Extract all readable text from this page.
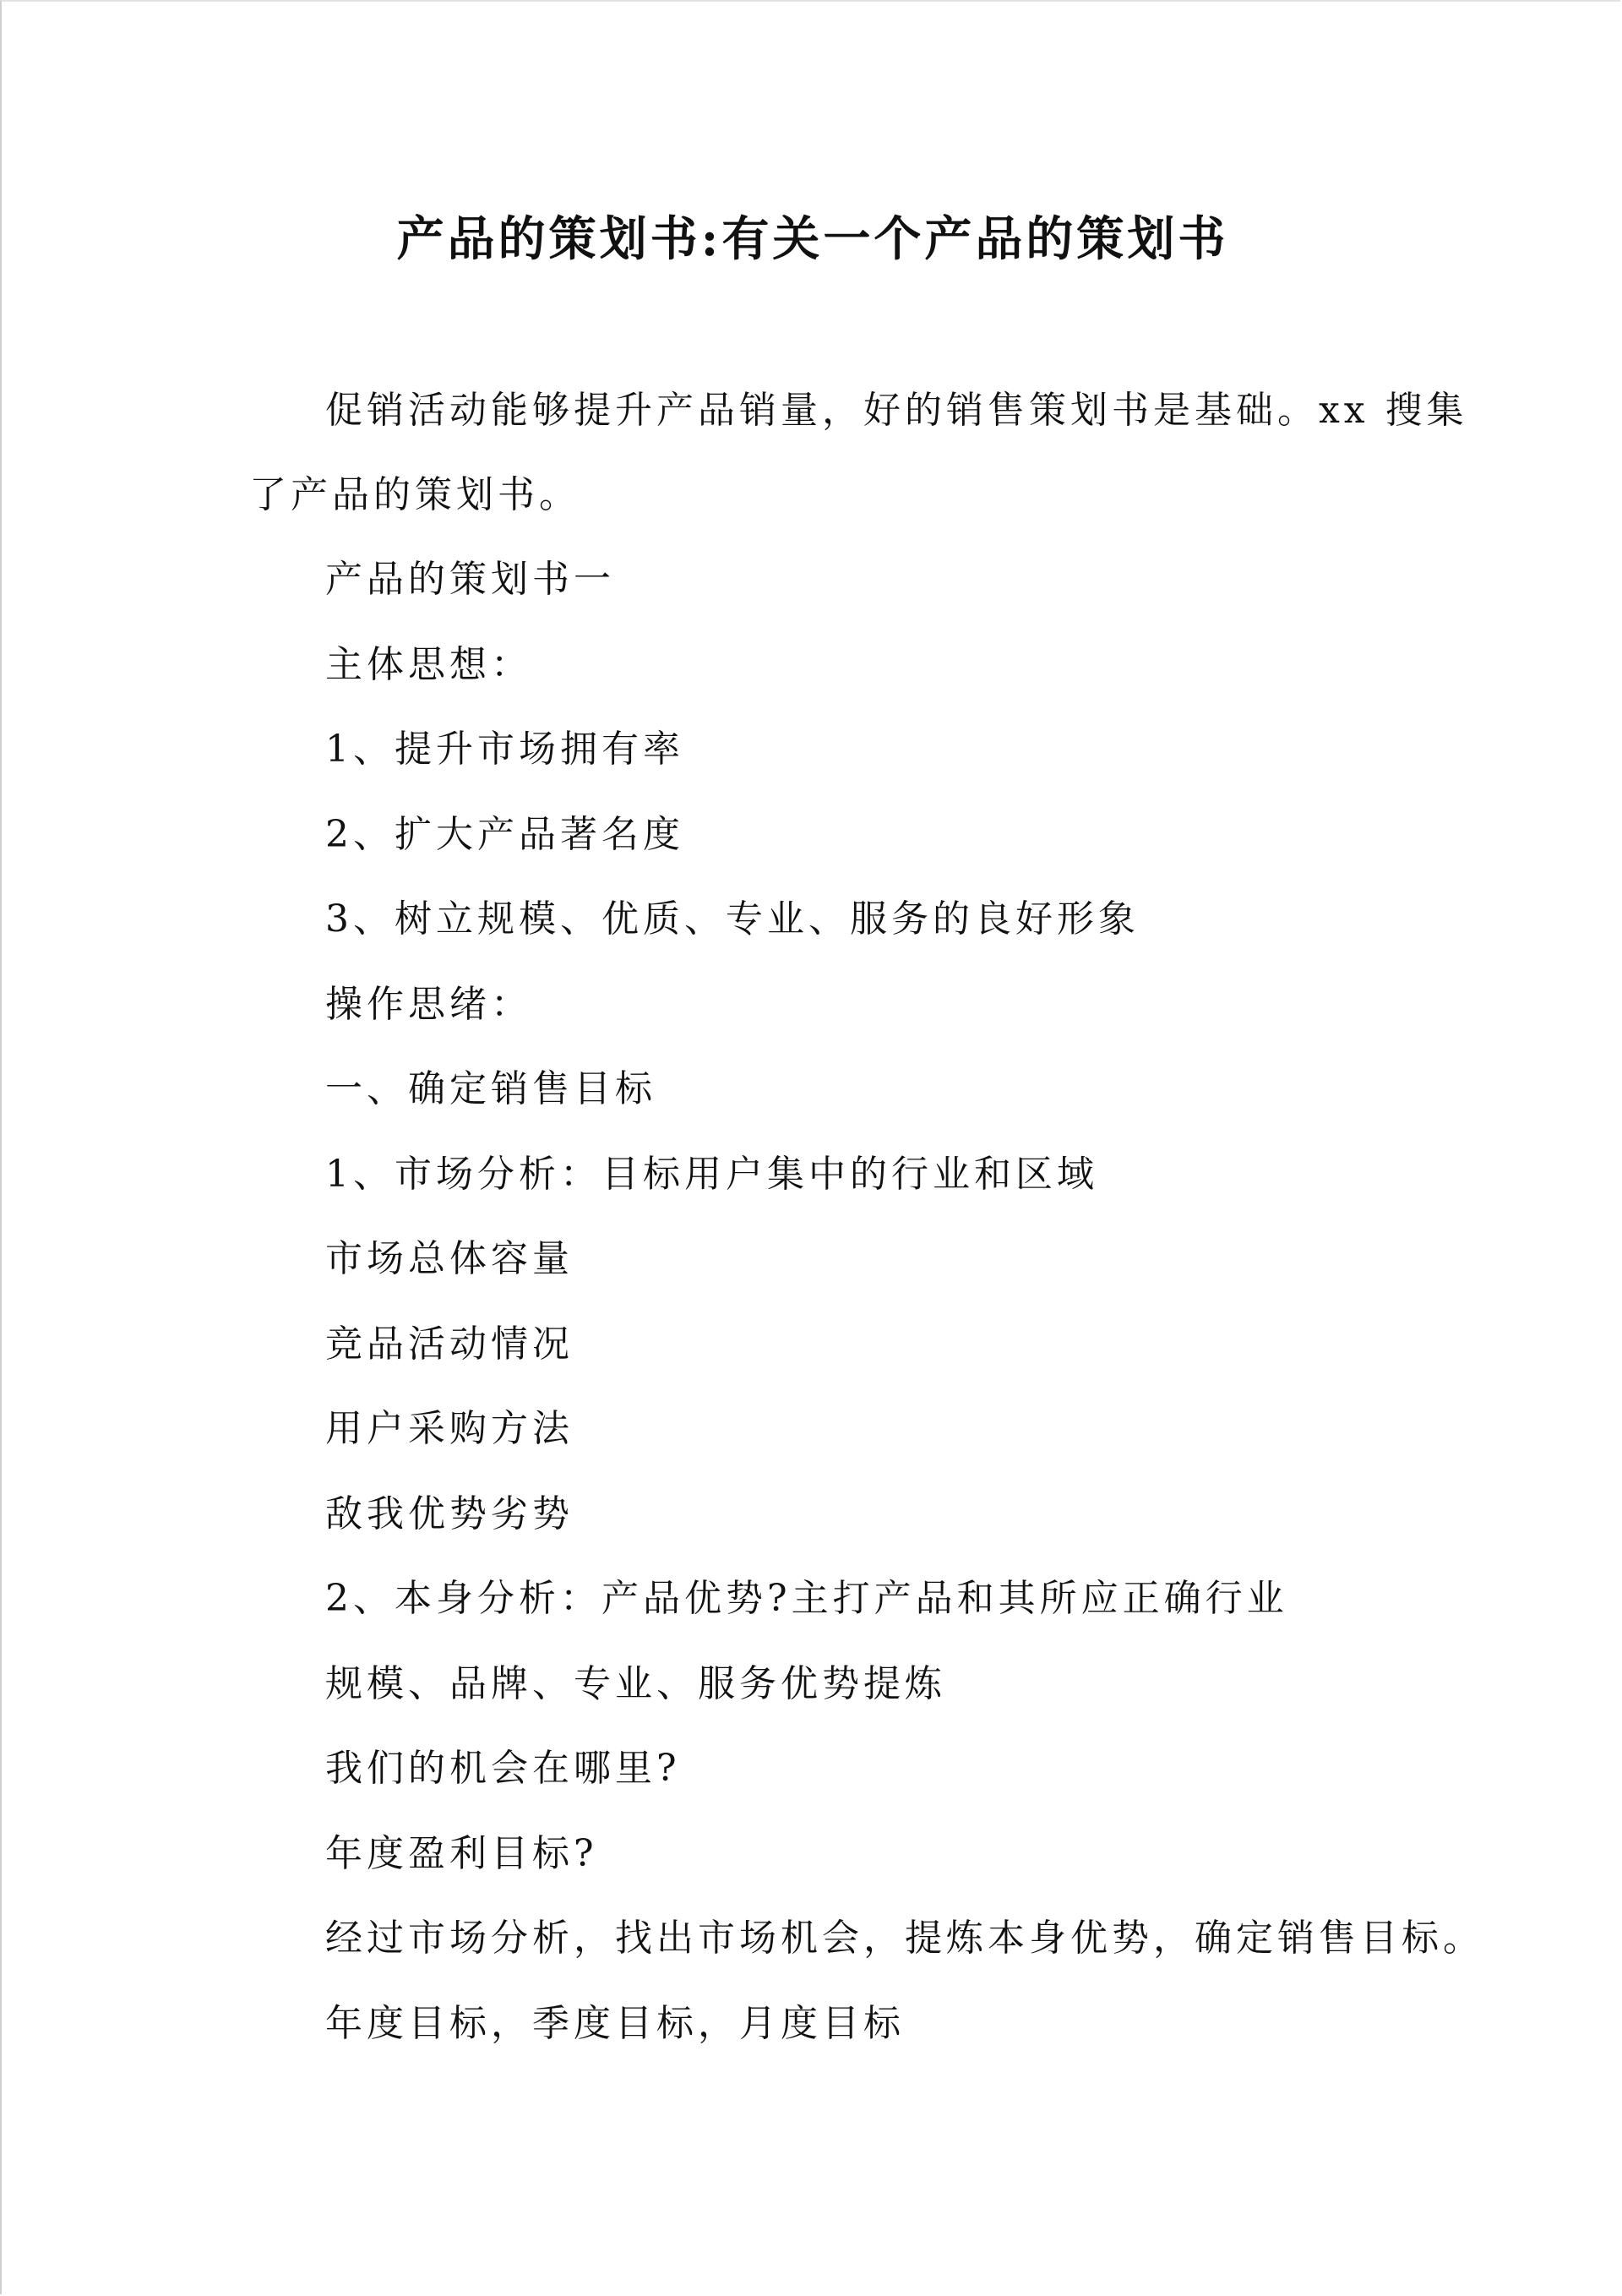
产品的策划书:有关一个产品的策划书
促销活动能够提升产品销量，好的销售策划书是基础。xx 搜集
了产品的策划书。
产品的策划书一
主体思想：
1、提升市场拥有率
2、扩大产品著名度
3、树立规模、优质、专业、服务的良好形象
操作思绪：
一、确定销售目标
1、市场分析：目标用户集中的行业和区域
市场总体容量
竞品活动情况
用户采购方法
敌我优势劣势
2、本身分析：产品优势?主打产品和其所应正确行业
规模、品牌、专业、服务优势提炼
我们的机会在哪里?
年度盈利目标?
经过市场分析，找出市场机会，提炼本身优势，确定销售目标。
年度目标，季度目标，月度目标
